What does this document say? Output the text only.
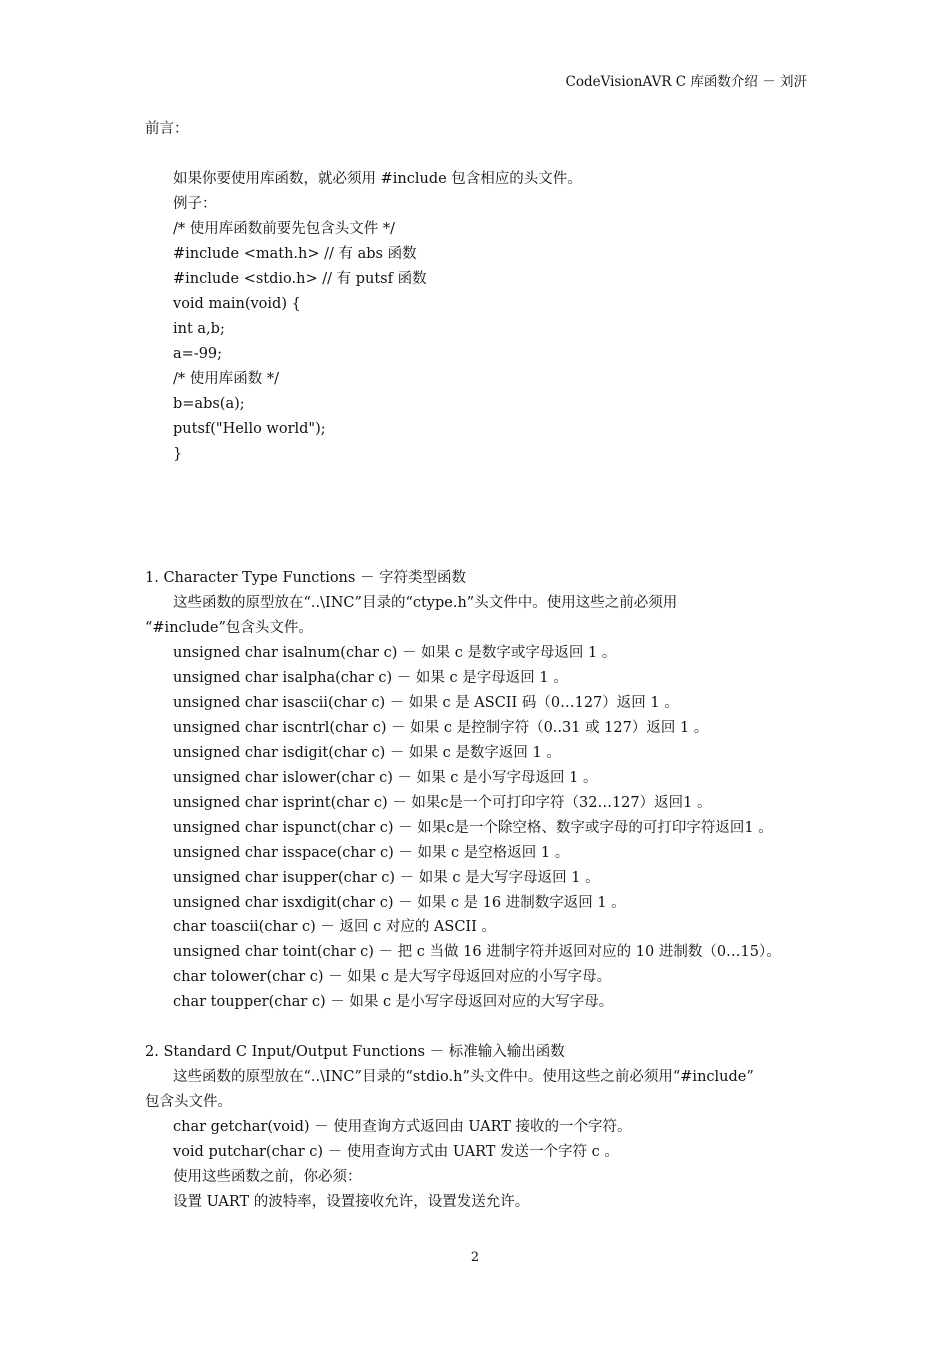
CodeVisionAVR C 库函数介绍 － 刘汧
前言：
如果你要使用库函数，就必须用 #include 包含相应的头文件。
例子：
/* 使用库函数前要先包含头文件 */
#include <math.h> // 有 abs 函数
#include <stdio.h> // 有 putsf 函数
void main(void) {
int a,b;
a=-99;
/* 使用库函数 */
b=abs(a);
putsf("Hello world");
}
1. Character Type Functions － 字符类型函数
这些函数的原型放在“..\INC”目录的“ctype.h”头文件中。使用这些之前必须用
“#include”包含头文件。
unsigned char isalnum(char c) － 如果 c 是数字或字母返回 1 。
unsigned char isalpha(char c) － 如果 c 是字母返回 1 。
unsigned char isascii(char c) － 如果 c 是 ASCII 码（0…127）返回 1 。
unsigned char iscntrl(char c) － 如果 c 是控制字符（0..31 或 127）返回 1 。
unsigned char isdigit(char c) － 如果 c 是数字返回 1 。
unsigned char islower(char c) － 如果 c 是小写字母返回 1 。
unsigned char isprint(char c) － 如果c是一个可打印字符（32…127）返回1 。
unsigned char ispunct(char c) － 如果c是一个除空格、数字或字母的可打印字符返回1 。
unsigned char isspace(char c) － 如果 c 是空格返回 1 。
unsigned char isupper(char c) － 如果 c 是大写字母返回 1 。
unsigned char isxdigit(char c) － 如果 c 是 16 进制数字返回 1 。
char toascii(char c) － 返回 c 对应的 ASCII 。
unsigned char toint(char c) － 把 c 当做 16 进制字符并返回对应的 10 进制数（0…15）。
char tolower(char c) － 如果 c 是大写字母返回对应的小写字母。
char toupper(char c) － 如果 c 是小写字母返回对应的大写字母。
2. Standard C Input/Output Functions － 标准输入输出函数
这些函数的原型放在“..\INC”目录的“stdio.h”头文件中。使用这些之前必须用“#include”
包含头文件。
char getchar(void) － 使用查询方式返回由 UART 接收的一个字符。
void putchar(char c) － 使用查询方式由 UART 发送一个字符 c 。
使用这些函数之前，你必须：
设置 UART 的波特率，设置接收允许，设置发送允许。
2
